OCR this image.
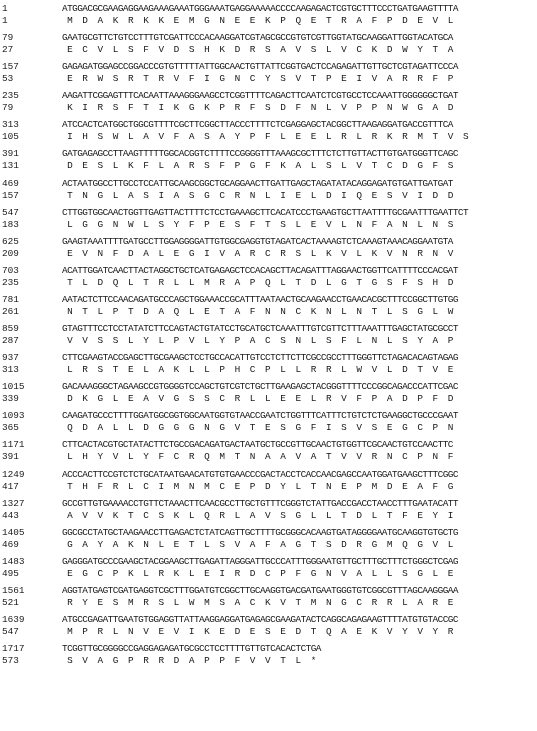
1	ATGGACGCGAAGAGGAAGAAAGAAATGGGAAATGAGGAAAAACCCCAAGAGACTCGTGCTTTCCCTGATGAAGTTTTA
1	M  D  A  K  R  K  K  E  M  G  N  E  E  K  P  Q  E  T  R  A  F  P  D  E  V  L
79	GAATGCGTTCTGTCCTTTGTCGATTCCCACAAGGATCGTAGCGCCGTGTCGTTGGTATGCAAGGATTGGTACATGCA
27	E  C  V  L  S  F  V  D  S  H  K  D  R  S  A  V  S  L  V  C  K  D  W  Y  T  A
157	GAGAGATGGAGCCGGACCCGTGTTTTTATTGGCAACTGTTATTCGGTGACTCCAGAGATTGTTGCTCGTAGATTCCCA
53	E  R  W  S  R  T  R  V  F  I  G  N  C  Y  S  V  T  P  E  I  V  A  R  R  F  P
235	AAGATTCGGAGTTTCACAATTAAAGGGAAGCCTCGGTTTTCAGACTTCAATCTCGTGCCTCCAAATTGGGGGGCTGAT
79	K  I  R  S  F  T  I  K  G  K  P  R  F  S  D  F  N  L  V  P  P  N  W  G  A  D
313	ATCCACTCATGGCTGGCGTTTTCGCTTCGGCTTACCCTTTTCTCGAGGAGCTACGGCTTAAGAGGATGACCGTTTCA
105	I  H  S  W  L  A  V  F  A  S  A  Y  P  F  L  E  E  L  R  L  R  K  R  M  T  V  S
391	GATGAGAGCCTTAAGTTTTTGGCACGGTCTTTTCCGGGGTTTAAAGCGCTTTCTCTTGTTACTTGTGATGGGTTCAGC
131	D  E  S  L  K  F  L  A  R  S  F  P  G  F  K  A  L  S  L  V  T  C  D  G  F  S
469	ACTAATGGCCTTGCCTCCATTGCAAGCGGCTGCAGGAACTTGATTGAGCTAGATATACAGGAGATGTGATTGATGAT
157	T  N  G  L  A  S  I  A  S  G  C  R  N  L  I  E  L  D  I  Q  E  S  V  I  D  D
547	CTTGGTGGCAACTGGTTGAGTTACTTTTCTCCTGAAAGCTTCACATCCCTGAAGTGCTTAATTTTGCGAATTTGAATTCT
183	L  G  G  N  W  L  S  Y  F  P  E  S  F  T  S  L  E  V  L  N  F  A  N  L  N  S
625	GAAGTAAATTTTGATGCCTTGGAGGGGATTGTGGCGAGGTGTAGATCACTAAAAGTCTCAAAGTAAACAGGAATGTA
209	E  V  N  F  D  A  L  E  G  I  V  A  R  C  R  S  L  K  V  L  K  V  N  R  N  V
703	ACATTGGATCAACTTACTAGGCTGCTCATGAGAGCTCCACAGCTTACAGATTTAGGAACTGGTTCATTTTCCCACGAT
235	T  L  D  Q  L  T  R  L  L  M  R  A  P  Q  L  T  D  L  G  T  G  S  F  S  H  D
781	AATACTCTTCCAACAGATGCCCAGCTGGAAACCGCATTTAATAACTGCAAGAACCTGAACACGCTTTCCGGCTTGTGG
261	N  T  L  P  T  D  A  Q  L  E  T  A  F  N  N  C  K  N  L  N  T  L  S  G  L  W
859	GTAGTTTCCTCCTATATCTTCCAGTACTGTATCCTGCATGCTCAAATTTGTCGTTCTTTAAATTTGAGCTATGCGCCT
287	V  V  S  S  L  Y  L  P  V  L  Y  P  A  C  S  N  L  S  F  L  N  L  S  Y  A  P
937	CTTCGAAGTACCGAGCTTGCGAAGCTCCTGCCACATTGTCCTCTTCTTCGCCGCCTTTGGGTTCTAGACACAGTAGAG
313	L  R  S  T  E  L  A  K  L  L  P  H  C  P  L  L  R  R  L  W  V  L  D  T  V  E
1015	GACAAAGGGCTAGAAGCCGTGGGGTCCAGCTGTCGTCTGCTTGAAGAGCTACGGGTTTTCCCGGCAGACCCATTCGAC
339	D  K  G  L  E  A  V  G  S  S  C  R  L  L  E  E  L  R  V  F  P  A  D  P  F  D
1093	CAAGATGCCCTTTTGGATGGCGGTGGCAATGGTGTAACCGAATCTGGTTTCATTTCTGTCTCTGAAGGCTGCCCGAAT
365	Q  D  A  L  L  D  G  G  G  N  G  V  T  E  S  G  F  I  S  V  S  E  G  C  P  N
1171	CTTCACTACGTGCTATACTTCTGCCGACAGATGACTAATGCTGCCGTTGCAACTGTGGTTCGCAACTGTCCAACTTC
391	L  H  Y  V  L  Y  F  C  R  Q  M  T  N  A  A  V  A  T  V  V  R  N  C  P  N  F
1249	ACCCACTTCCGTCTCTGCATAATGAACATGTGTGAACCCGACTACCTCACCAACGAGCCAATGGATGAAGCTTTCGGC
417	T  H  F  R  L  C  I  M  N  M  C  E  P  D  Y  L  T  N  E  P  M  D  E  A  F  G
1327	GCCGTTGTGAAAACCTGTTCTAAACTTCAACGCCTTGCTGTTTCGGGTCTATTGACCGACCTAACCTTTGAATACATT
443	A  V  V  K  T  C  S  K  L  Q  R  L  A  V  S  G  L  L  T  D  L  T  F  E  Y  I
1405	GGCGCCTATGCTAAGAACCTTGAGACTCTATCAGTTGCTTTTGCGGGCACAAGTGATAGGGGAATGCAAGGTGTGCTG
469	G  A  Y  A  K  N  L  E  T  L  S  V  A  F  A  G  T  S  D  R  G  M  Q  G  V  L
1483	GAGGGATGCCCGAAGCTACGGAAGCTTGAGATTAGGGATTGCCCATTTGGGAATGTTGCTTTGCTTTCTGGGCTCGAG
495	E  G  C  P  K  L  R  K  L  E  I  R  D  C  P  F  G  N  V  A  L  L  S  G  L  E
1561	AGGTATGAGTCGATGAGGTCGCTTTGGATGTCGGCTTGCAAGGTGACGATGAATGGGTGTCGGCGTTTAGCAAGGGAA
521	R  Y  E  S  M  R  S  L  W  M  S  A  C  K  V  T  M  N  G  C  R  R  L  A  R  E
1639	ATGCCGAGATTGAATGTGGAGGTTATTAAGGAGGATGAGAGCGAAGATACTCAGGCAGAGAAGTTTTATGTGTACCGC
547	M  P  R  L  N  V  E  V  I  K  E  D  E  S  E  D  T  Q  A  E  K  V  Y  V  Y  R
1717	TCGGTTGCGGGGCCGAGGAGAGATGCGCCTCCTTTTGTTGTCACACTCTGA
573	S  V  A  G  P  R  R  D  A  P  P  F  V  V  T  L  *
